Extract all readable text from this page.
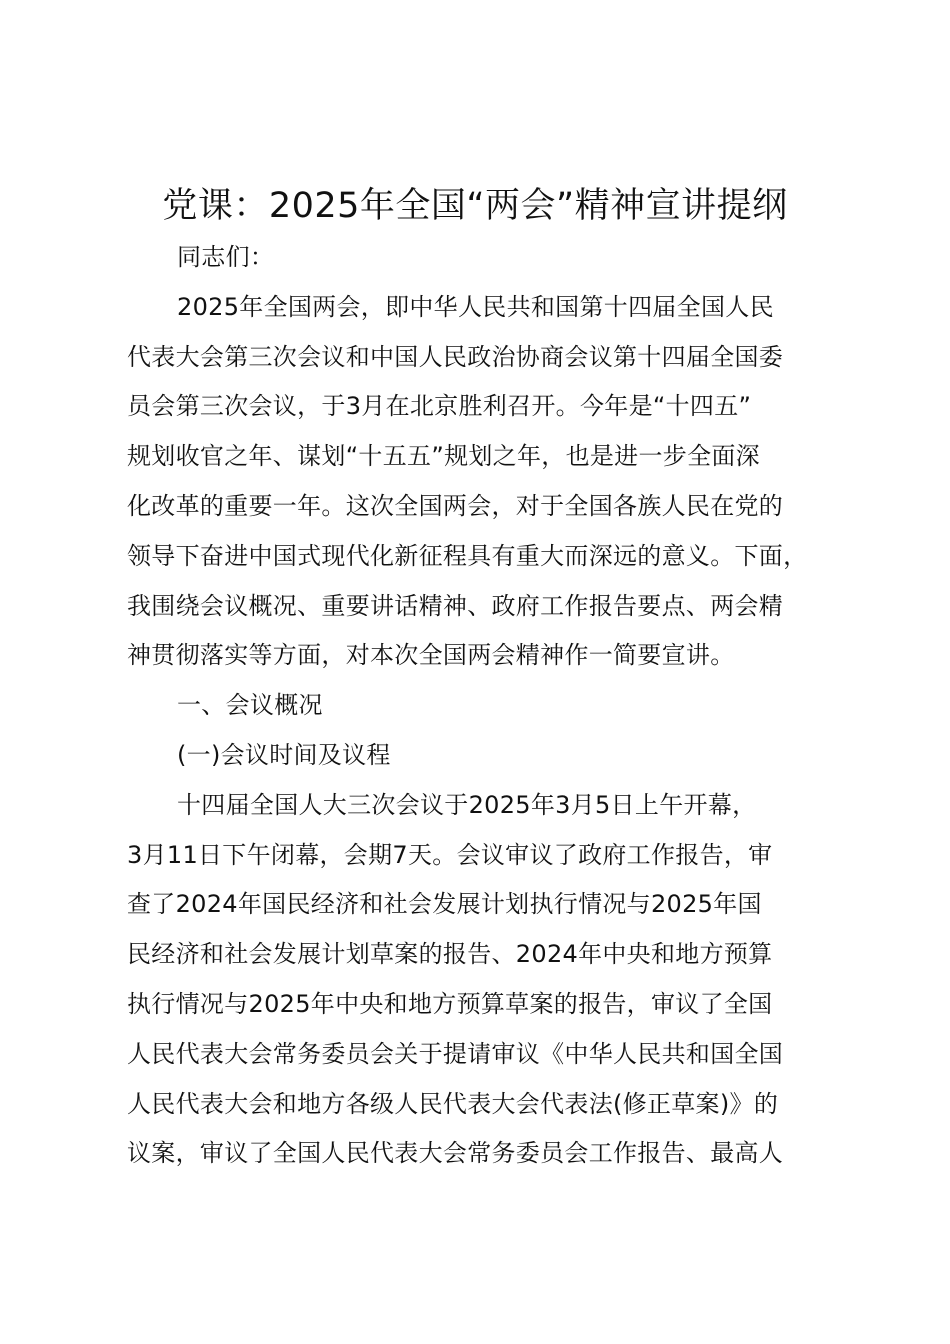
党课：2025年全国“两会”精神宣讲提纲
同志们：
2025年全国两会，即中华人民共和国第十四届全国人民
代表大会第三次会议和中国人民政治协商会议第十四届全国委
员会第三次会议，于3月在北京胜利召开。今年是“十四五”
规划收官之年、谋划“十五五”规划之年，也是进一步全面深
化改革的重要一年。这次全国两会，对于全国各族人民在党的
领导下奋进中国式现代化新征程具有重大而深远的意义。下面，
我围绕会议概况、重要讲话精神、政府工作报告要点、两会精
神贯彻落实等方面，对本次全国两会精神作一简要宣讲。
一、会议概况
(一)会议时间及议程
十四届全国人大三次会议于2025年3月5日上午开幕，
3月11日下午闭幕，会期7天。会议审议了政府工作报告，审
查了2024年国民经济和社会发展计划执行情况与2025年国
民经济和社会发展计划草案的报告、2024年中央和地方预算
执行情况与2025年中央和地方预算草案的报告，审议了全国
人民代表大会常务委员会关于提请审议《中华人民共和国全国
人民代表大会和地方各级人民代表大会代表法(修正草案)》的
议案，审议了全国人民代表大会常务委员会工作报告、最高人
